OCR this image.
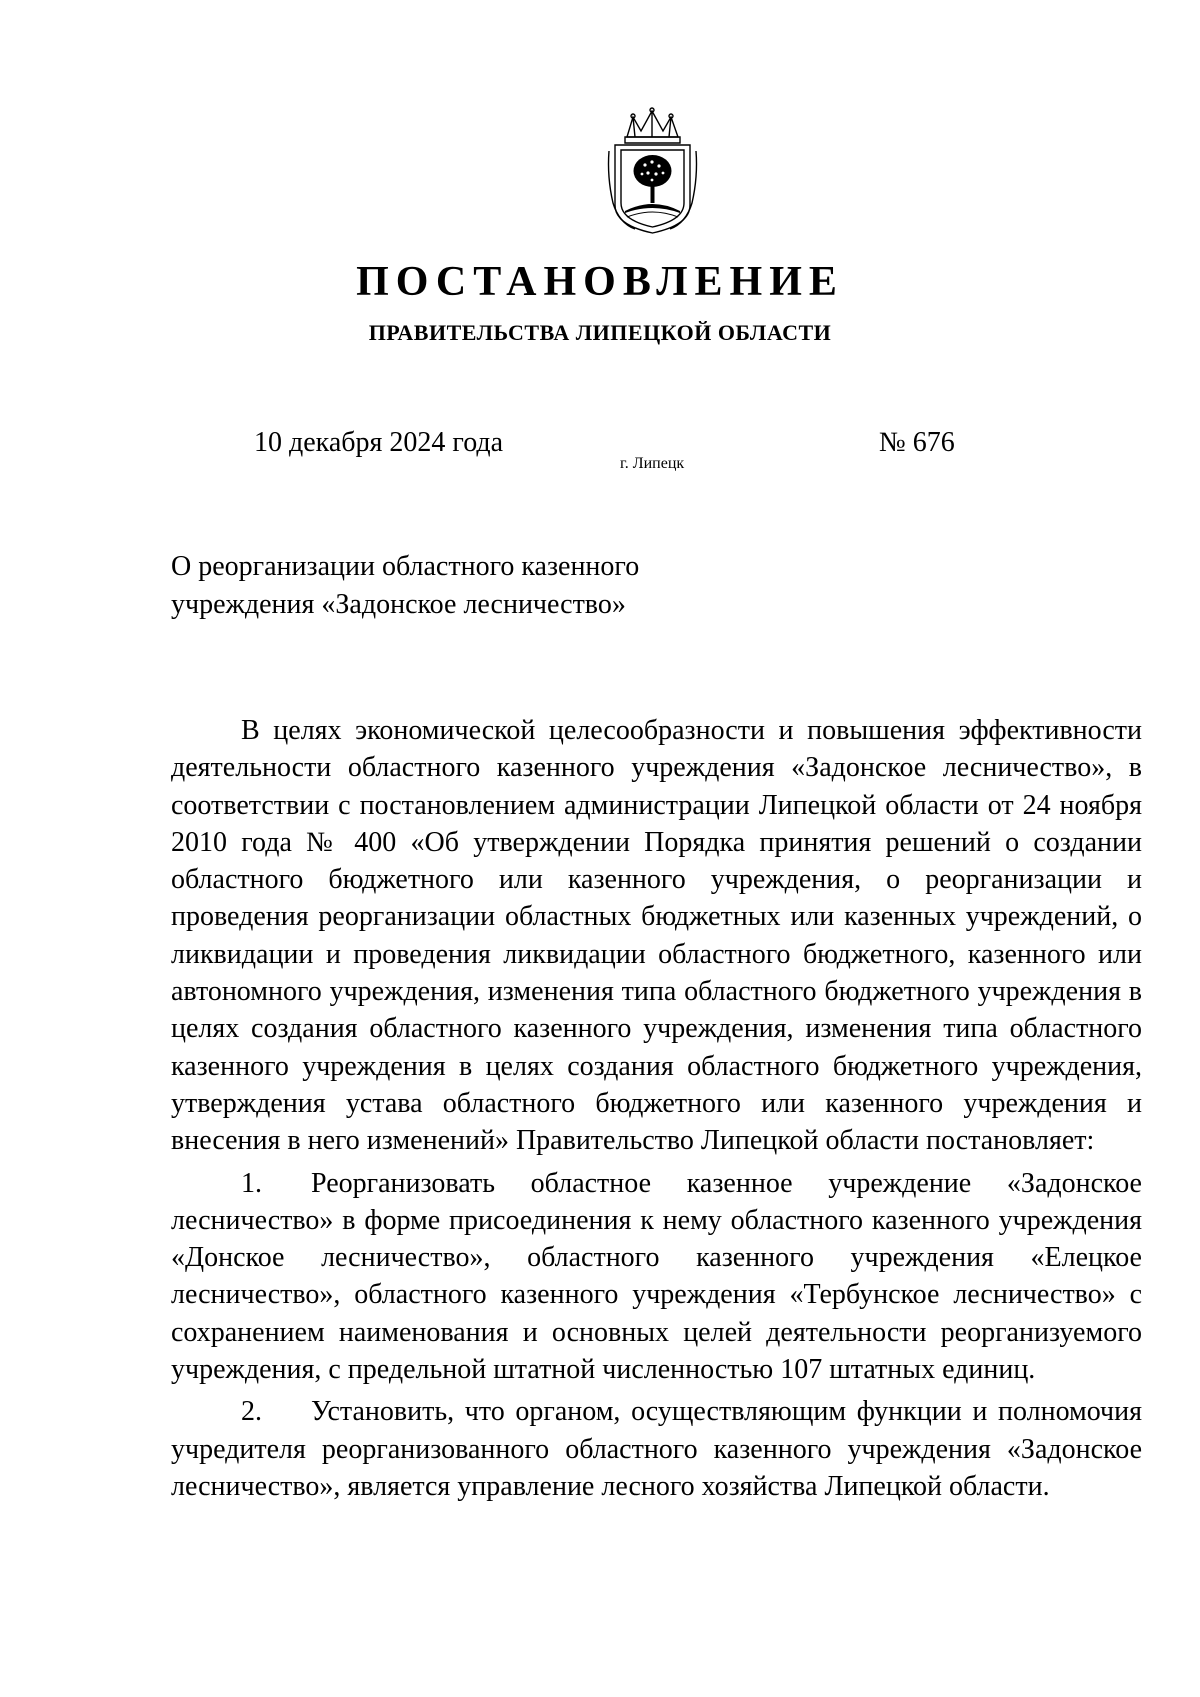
ПОСТАНОВЛЕНИЕ
ПРАВИТЕЛЬСТВА ЛИПЕЦКОЙ ОБЛАСТИ
10 декабря 2024 года
г. Липецк
№ 676
О реорганизации областного казенного
учреждения «Задонское лесничество»

В целях экономической целесообразности и повышения эффективности деятельности областного казенного учреждения «Задонское лесничество», в соответствии с постановлением администрации Липецкой области от 24 ноября 2010 года № 400 «Об утверждении Порядка принятия решений о создании областного бюджетного или казенного учреждения, о реорганизации и проведения реорганизации областных бюджетных или казенных учреждений, о ликвидации и проведения ликвидации областного бюджетного, казенного или автономного учреждения, изменения типа областного бюджетного учреждения в целях создания областного казенного учреждения, изменения типа областного казенного учреждения в целях создания областного бюджетного учреждения, утверждения устава областного бюджетного или казенного учреждения и внесения в него изменений» Правительство Липецкой области постановляет:

1. Реорганизовать областное казенное учреждение «Задонское лесничество» в форме присоединения к нему областного казенного учреждения «Донское лесничество», областного казенного учреждения «Елецкое лесничество», областного казенного учреждения «Тербунское лесничество» с сохранением наименования и основных целей деятельности реорганизуемого учреждения, с предельной штатной численностью 107 штатных единиц.

2. Установить, что органом, осуществляющим функции и полномочия учредителя реорганизованного областного казенного учреждения «Задонское лесничество», является управление лесного хозяйства Липецкой области.
